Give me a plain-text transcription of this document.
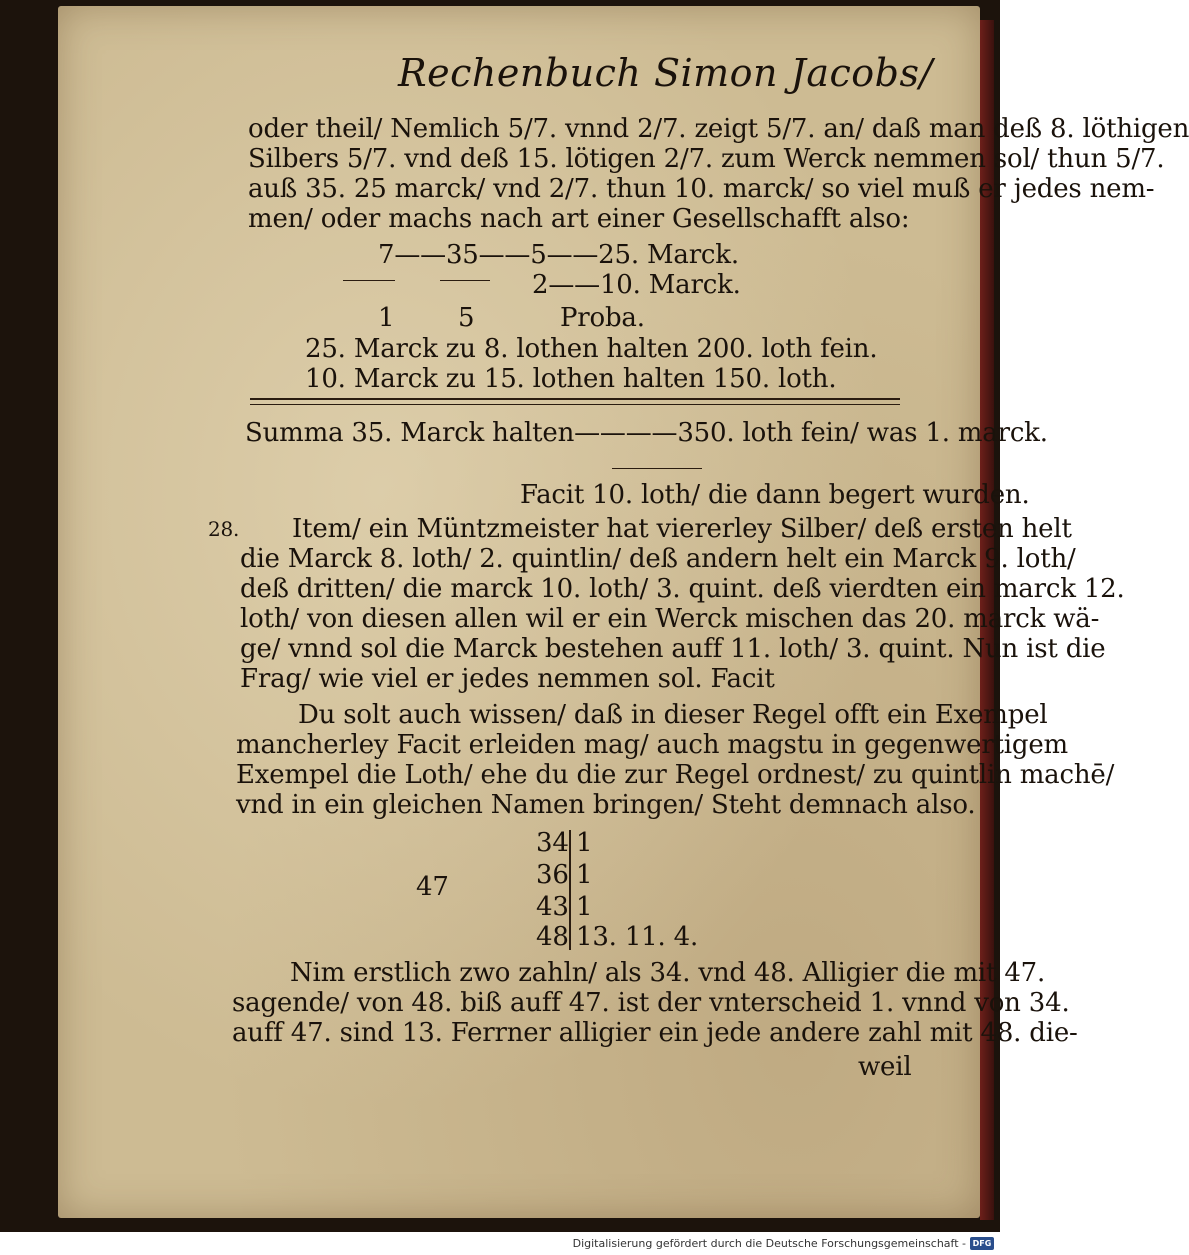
Rechenbuch Simon Jacobs/
oder theil/ Nemlich 5/7. vnnd 2/7. zeigt 5/7. an/ daß man deß 8. löthigen
Silbers 5/7. vnd deß 15. lötigen 2/7. zum Werck nemmen sol/ thun 5/7.
auß 35. 25 marck/ vnd 2/7. thun 10. marck/ so viel muß er jedes nem-
men/ oder machs nach art einer Gesellschafft also:
7——35——5——25. Marck.
2——10. Marck.
1 5	Proba.
25. Marck zu 8. lothen halten 200. loth fein.
10. Marck zu 15. lothen halten 150. loth.
Summa 35. Marck halten————350. loth fein/ was 1. marck.
Facit 10. loth/ die dann begert wurden.
28. Item/ ein Müntzmeister hat viererley Silber/ deß ersten helt
die Marck 8. loth/ 2. quintlin/ deß andern helt ein Marck 9. loth/
deß dritten/ die marck 10. loth/ 3. quint. deß vierdten ein marck 12.
loth/ von diesen allen wil er ein Werck mischen das 20. marck wä-
ge/ vnnd sol die Marck bestehen auff 11. loth/ 3. quint. Nun ist die
Frag/ wie viel er jedes nemmen sol. Facit
Du solt auch wissen/ daß in dieser Regel offt ein Exempel
mancherley Facit erleiden mag/ auch magstu in gegenwertigem
Exempel die Loth/ ehe du die zur Regel ordnest/ zu quintlin machē/
vnd in ein gleichen Namen bringen/ Steht demnach also.
47
34 1
36 1
43 1
48 13. 11. 4.
Nim erstlich zwo zahln/ als 34. vnd 48. Alligier die mit 47.
sagende/ von 48. biß auff 47. ist der vnterscheid 1. vnnd von 34.
auff 47. sind 13. Ferrner alligier ein jede andere zahl mit 48. die-
weil
Digitalisierung gefördert durch die Deutsche Forschungsgemeinschaft - DFG
